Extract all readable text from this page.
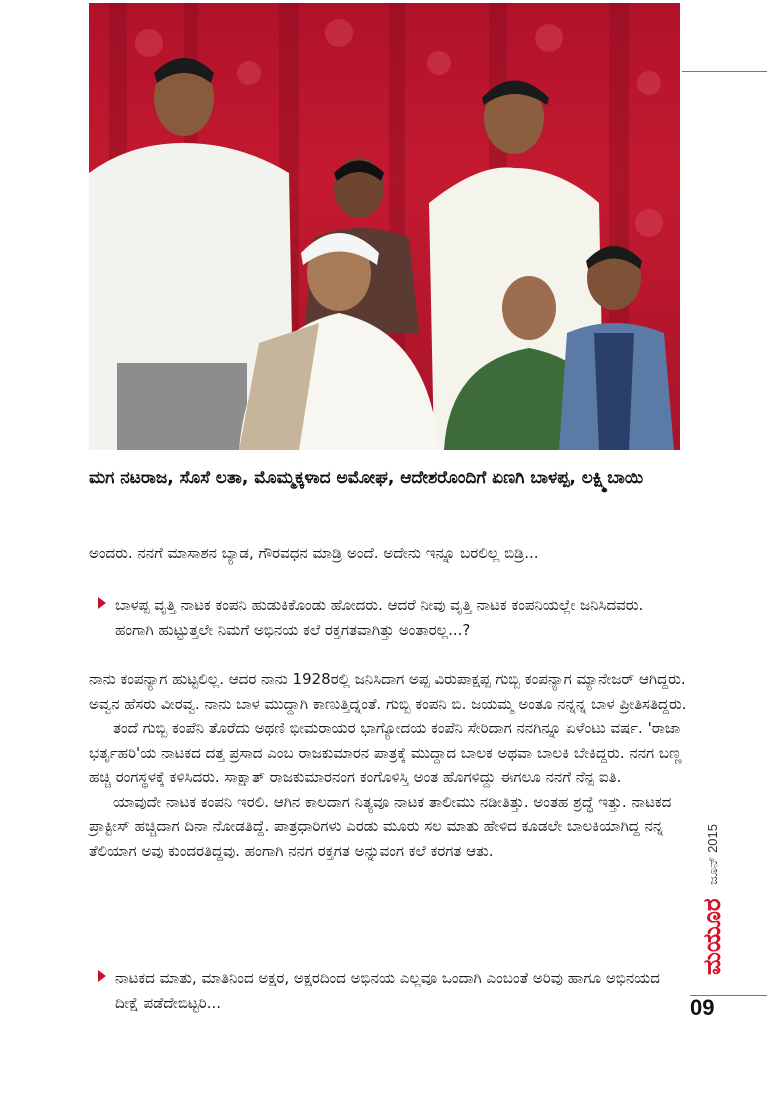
ಮಗ ನಟರಾಜ, ಸೊಸೆ ಲತಾ, ಮೊಮ್ಮಕ್ಕಳಾದ ಅಮೋಘ, ಆದೇಶರೊಂದಿಗೆ ಏಣಗಿ ಬಾಳಪ್ಪ, ಲಕ್ಷ್ಮಿಬಾಯಿ

ಅಂದರು. ನನಗೆ ಮಾಸಾಶನ ಬ್ಯಾಡ, ಗೌರವಧನ ಮಾಡ್ರಿ ಅಂದೆ. ಅದೇನು ಇನ್ನೂ ಬರಲಿಲ್ಲ ಬಿಡ್ರಿ...

ಬಾಳಪ್ಪ ವೃತ್ತಿ ನಾಟಕ ಕಂಪನಿ ಹುಡುಕಿಕೊಂಡು ಹೋದರು. ಆದರೆ ನೀವು ವೃತ್ತಿ ನಾಟಕ ಕಂಪನಿಯಲ್ಲೇ ಜನಿಸಿದವರು. ಹಂಗಾಗಿ ಹುಟ್ಟುತ್ತಲೇ ನಿಮಗೆ ಅಭಿನಯ ಕಲೆ ರಕ್ತಗತವಾಗಿತ್ತು ಅಂತಾರಲ್ಲ...?

ನಾನು ಕಂಪನ್ಯಾಗ ಹುಟ್ಟಲಿಲ್ಲ. ಆದರ ನಾನು 1928ರಲ್ಲಿ ಜನಿಸಿದಾಗ ಅಪ್ಪ ವಿರುಪಾಕ್ಷಪ್ಪ ಗುಬ್ಬಿ ಕಂಪನ್ಯಾಗ ಮ್ಯಾನೇಜರ್ ಆಗಿದ್ದರು. ಅವ್ವನ ಹೆಸರು ವೀರವ್ವ. ನಾನು ಬಾಳ ಮುದ್ದಾಗಿ ಕಾಣುತ್ತಿದ್ನಂತೆ. ಗುಬ್ಬಿ ಕಂಪನಿ ಬಿ. ಜಯಮ್ಮ ಅಂತೂ ನನ್ನನ್ನ ಬಾಳ ಪ್ರೀತಿಸತಿದ್ದರು.

ತಂದೆ ಗುಬ್ಬಿ ಕಂಪೆನಿ ತೊರೆದು ಅಥಣಿ ಭೀಮರಾಯರ ಭಾಗ್ಯೋದಯ ಕಂಪೆನಿ ಸೇರಿದಾಗ ನನಗಿನ್ನೂ ಏಳೆಂಟು ವರ್ಷ. 'ರಾಜಾ ಭರ್ತೃಹರಿ'ಯ ನಾಟಕದ ದತ್ತ ಪ್ರಸಾದ ಎಂಬ ರಾಜಕುಮಾರನ ಪಾತ್ರಕ್ಕೆ ಮುದ್ದಾದ ಬಾಲಕ ಅಥವಾ ಬಾಲಕಿ ಬೇಕಿದ್ದರು. ನನಗ ಬಣ್ಣ ಹಚ್ಚಿ ರಂಗಸ್ಥಳಕ್ಕೆ ಕಳಿಸಿದರು. ಸಾಕ್ಷಾತ್ ರಾಜಕುಮಾರನಂಗ ಕಂಗೊಳಿಸ್ತಿ ಅಂತ ಹೊಗಳಿದ್ದು ಈಗಲೂ ನನಗೆ ನೆನ್ಪ ಐತಿ.

ಯಾವುದೇ ನಾಟಕ ಕಂಪನಿ ಇರಲಿ. ಆಗಿನ ಕಾಲದಾಗ ನಿತ್ಯವೂ ನಾಟಕ ತಾಲೀಮು ನಡೀತಿತ್ತು. ಅಂತಹ ಶ್ರದ್ಧೆ ಇತ್ತು. ನಾಟಕದ ಪ್ರಾಕ್ಟೀಸ್ ಹಚ್ಚಿದಾಗ ದಿನಾ ನೋಡತಿದ್ದೆ. ಪಾತ್ರಧಾರಿಗಳು ಎರಡು ಮೂರು ಸಲ ಮಾತು ಹೇಳಿದ ಕೂಡಲೇ ಬಾಲಕಿಯಾಗಿದ್ದ ನನ್ನ ತೆಲಿಯಾಗ ಅವು ಕುಂದರತಿದ್ದವು. ಹಂಗಾಗಿ ನನಗ ರಕ್ತಗತ ಅನ್ನುವಂಗ ಕಲೆ ಕರಗತ ಆತು.

ನಾಟಕದ ಮಾತು, ಮಾತಿನಿಂದ ಅಕ್ಷರ, ಅಕ್ಷರದಿಂದ ಅಭಿನಯ ಎಲ್ಲವೂ ಒಂದಾಗಿ ಎಂಬಂತೆ ಅರಿವು ಹಾಗೂ ಅಭಿನಯದ ದೀಕ್ಷೆ ಪಡೆದೇಬಿಟ್ಟರಿ...

ಜೂನ್ 2015
ಮಯೂರ
09
